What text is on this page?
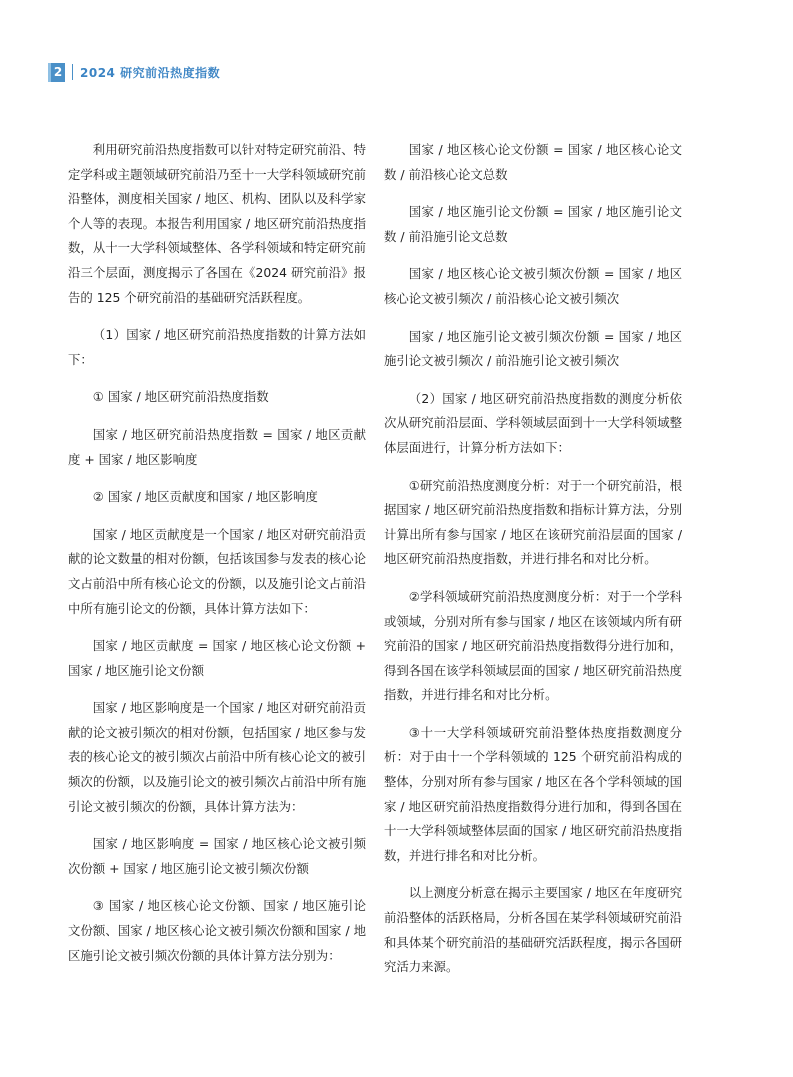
2 2024 研究前沿热度指数

利用研究前沿热度指数可以针对特定研究前沿、特定学科或主题领域研究前沿乃至十一大学科领域研究前沿整体，测度相关国家 / 地区、机构、团队以及科学家个人等的表现。本报告利用国家 / 地区研究前沿热度指数，从十一大学科领域整体、各学科领域和特定研究前沿三个层面，测度揭示了各国在《2024 研究前沿》报告的 125 个研究前沿的基础研究活跃程度。

（1）国家 / 地区研究前沿热度指数的计算方法如下：

① 国家 / 地区研究前沿热度指数

国家 / 地区研究前沿热度指数 = 国家 / 地区贡献度 + 国家 / 地区影响度

② 国家 / 地区贡献度和国家 / 地区影响度

国家 / 地区贡献度是一个国家 / 地区对研究前沿贡献的论文数量的相对份额，包括该国参与发表的核心论文占前沿中所有核心论文的份额，以及施引论文占前沿中所有施引论文的份额，具体计算方法如下：

国家 / 地区贡献度 = 国家 / 地区核心论文份额 + 国家 / 地区施引论文份额

国家 / 地区影响度是一个国家 / 地区对研究前沿贡献的论文被引频次的相对份额，包括国家 / 地区参与发表的核心论文的被引频次占前沿中所有核心论文的被引频次的份额，以及施引论文的被引频次占前沿中所有施引论文被引频次的份额，具体计算方法为：

国家 / 地区影响度 = 国家 / 地区核心论文被引频次份额 + 国家 / 地区施引论文被引频次份额

③ 国家 / 地区核心论文份额、国家 / 地区施引论文份额、国家 / 地区核心论文被引频次份额和国家 / 地区施引论文被引频次份额的具体计算方法分别为：

国家 / 地区核心论文份额 = 国家 / 地区核心论文数 / 前沿核心论文总数

国家 / 地区施引论文份额 = 国家 / 地区施引论文数 / 前沿施引论文总数

国家 / 地区核心论文被引频次份额 = 国家 / 地区核心论文被引频次 / 前沿核心论文被引频次

国家 / 地区施引论文被引频次份额 = 国家 / 地区施引论文被引频次 / 前沿施引论文被引频次

（2）国家 / 地区研究前沿热度指数的测度分析依次从研究前沿层面、学科领域层面到十一大学科领域整体层面进行，计算分析方法如下：

①研究前沿热度测度分析：对于一个研究前沿，根据国家 / 地区研究前沿热度指数和指标计算方法，分别计算出所有参与国家 / 地区在该研究前沿层面的国家 / 地区研究前沿热度指数，并进行排名和对比分析。

②学科领域研究前沿热度测度分析：对于一个学科或领域，分别对所有参与国家 / 地区在该领域内所有研究前沿的国家 / 地区研究前沿热度指数得分进行加和，得到各国在该学科领域层面的国家 / 地区研究前沿热度指数，并进行排名和对比分析。

③十一大学科领域研究前沿整体热度指数测度分析：对于由十一个学科领域的 125 个研究前沿构成的整体，分别对所有参与国家 / 地区在各个学科领域的国家 / 地区研究前沿热度指数得分进行加和，得到各国在十一大学科领域整体层面的国家 / 地区研究前沿热度指数，并进行排名和对比分析。

以上测度分析意在揭示主要国家 / 地区在年度研究前沿整体的活跃格局，分析各国在某学科领域研究前沿和具体某个研究前沿的基础研究活跃程度，揭示各国研究活力来源。
